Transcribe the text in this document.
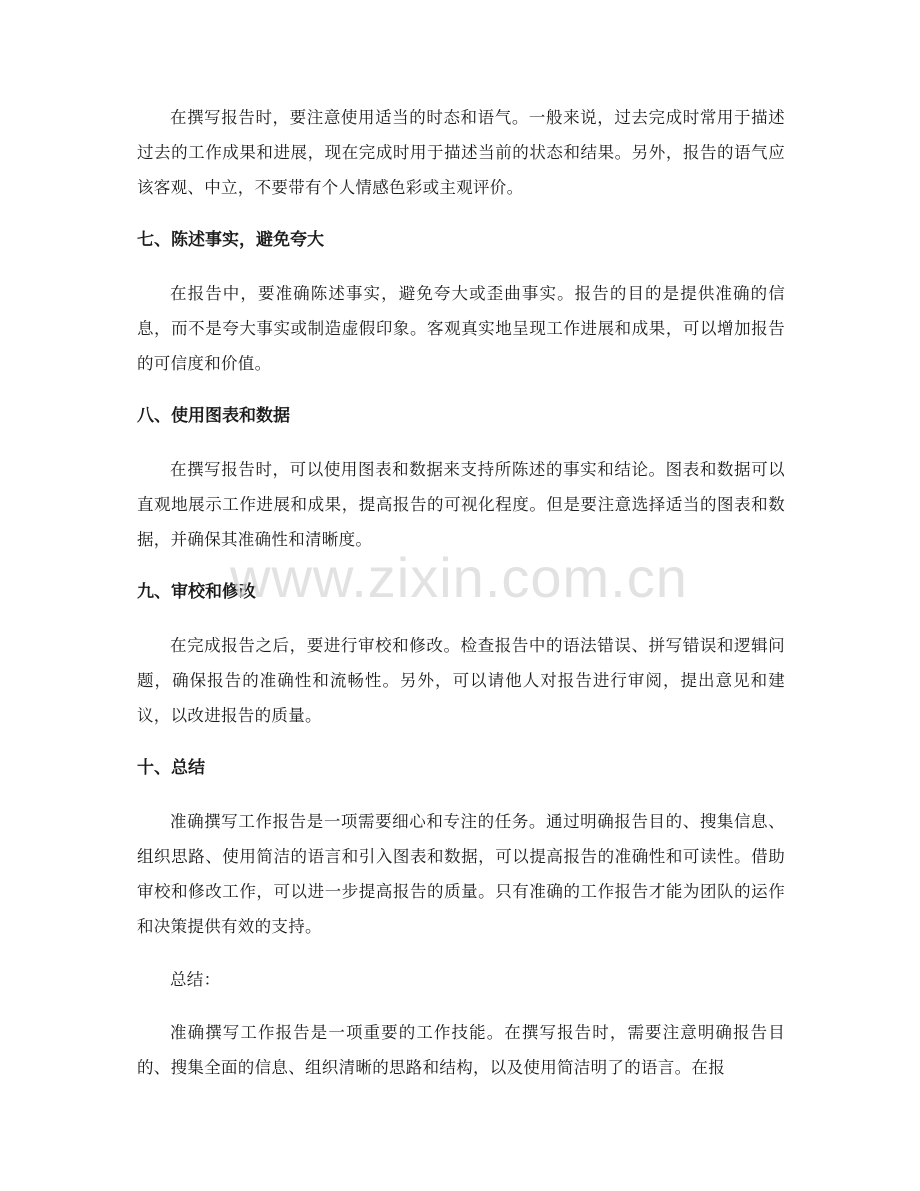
在撰写报告时，要注意使用适当的时态和语气。一般来说，过去完成时常用于描述过去的工作成果和进展，现在完成时用于描述当前的状态和结果。另外，报告的语气应该客观、中立，不要带有个人情感色彩或主观评价。

七、陈述事实，避免夸大

在报告中，要准确陈述事实，避免夸大或歪曲事实。报告的目的是提供准确的信息，而不是夸大事实或制造虚假印象。客观真实地呈现工作进展和成果，可以增加报告的可信度和价值。

八、使用图表和数据

在撰写报告时，可以使用图表和数据来支持所陈述的事实和结论。图表和数据可以直观地展示工作进展和成果，提高报告的可视化程度。但是要注意选择适当的图表和数据，并确保其准确性和清晰度。

九、审校和修改

在完成报告之后，要进行审校和修改。检查报告中的语法错误、拼写错误和逻辑问题，确保报告的准确性和流畅性。另外，可以请他人对报告进行审阅，提出意见和建议，以改进报告的质量。

十、总结

准确撰写工作报告是一项需要细心和专注的任务。通过明确报告目的、搜集信息、组织思路、使用简洁的语言和引入图表和数据，可以提高报告的准确性和可读性。借助审校和修改工作，可以进一步提高报告的质量。只有准确的工作报告才能为团队的运作和决策提供有效的支持。

总结：

准确撰写工作报告是一项重要的工作技能。在撰写报告时，需要注意明确报告目的、搜集全面的信息、组织清晰的思路和结构，以及使用简洁明了的语言。在报

www.zixin.com.cn
